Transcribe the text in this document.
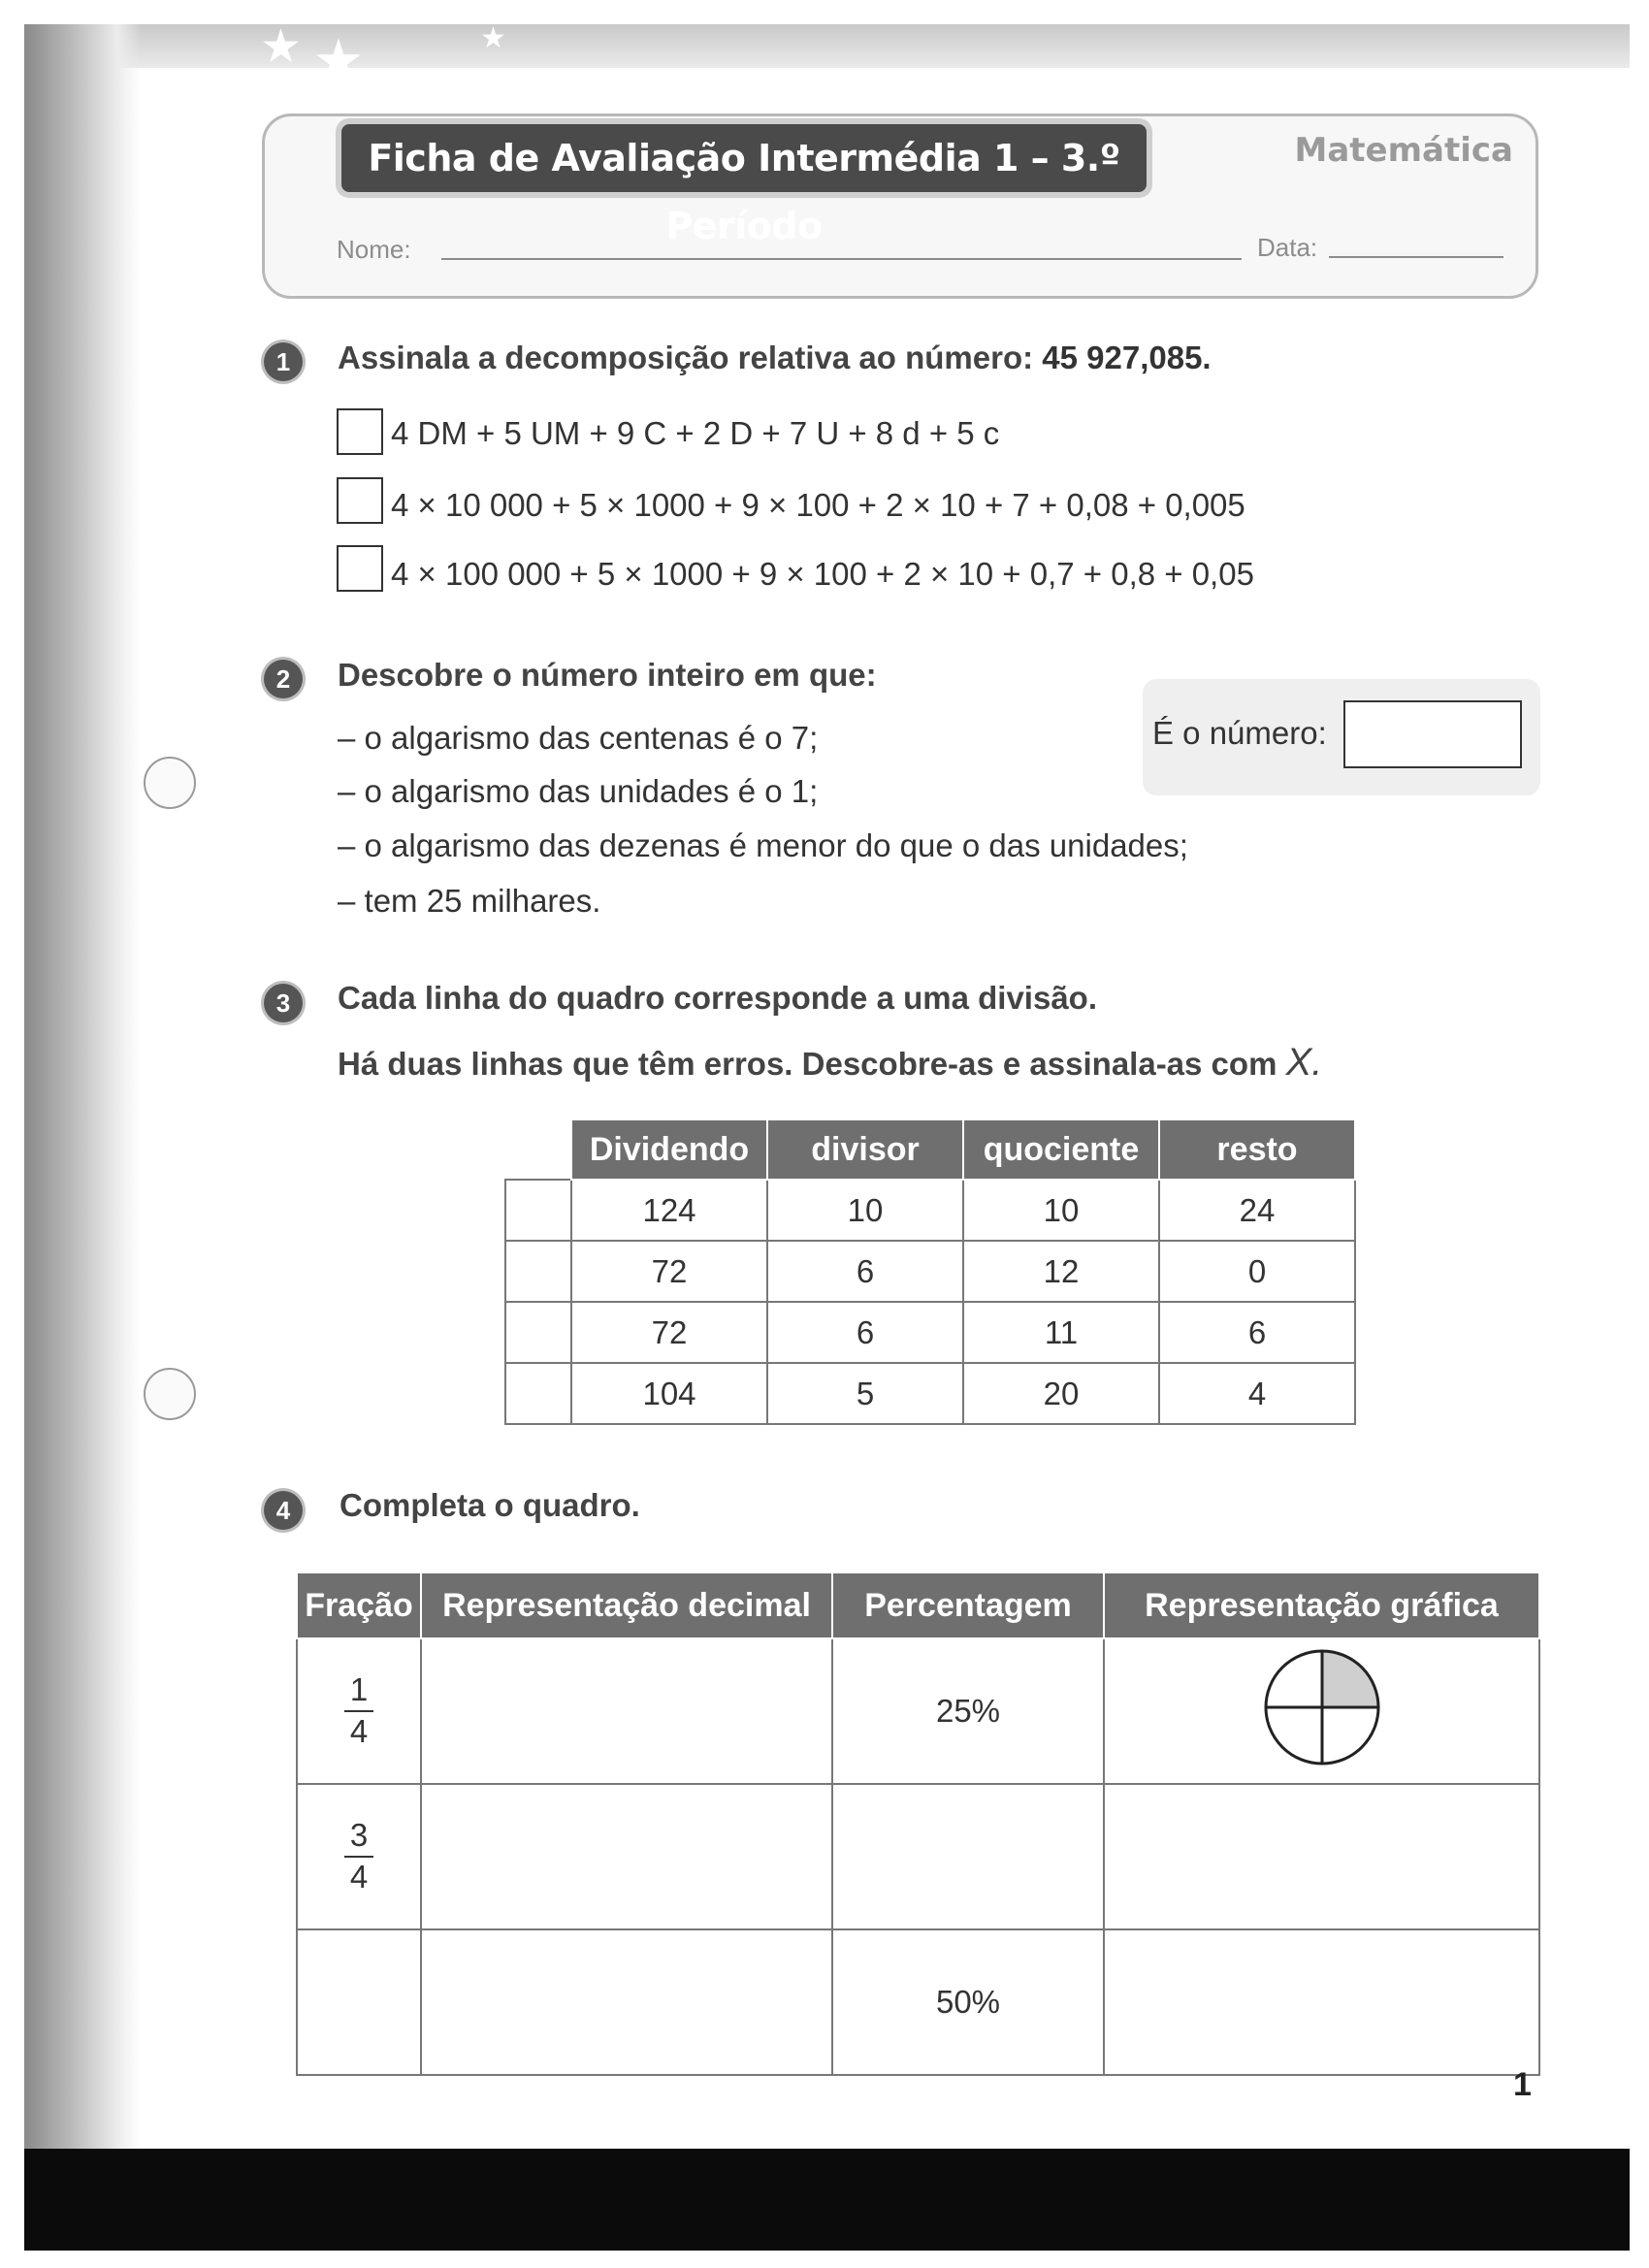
★ ★	★
Ficha de Avaliação Intermédia 1 – 3.º Período
Matemática
Nome:	Data:
1	Assinala a decomposição relativa ao número: 45 927,085.
4 DM + 5 UM + 9 C + 2 D + 7 U + 8 d + 5 c
4 × 10 000 + 5 × 1000 + 9 × 100 + 2 × 10 + 7 + 0,08 + 0,005
4 × 100 000 + 5 × 1000 + 9 × 100 + 2 × 10 + 0,7 + 0,8 + 0,05
2	Descobre o número inteiro em que:
– o algarismo das centenas é o 7;
– o algarismo das unidades é o 1;
– o algarismo das dezenas é menor do que o das unidades;
– tem 25 milhares.
É o número:
3	Cada linha do quadro corresponde a uma divisão.
Há duas linhas que têm erros. Descobre-as e assinala-as com X.
	Dividendo	divisor	quociente	resto
	124	10	10	24
	72	6	12	0
	72	6	11	6
	104	5	20	4
4	Completa o quadro.
Fração	Representação decimal	Percentagem	Representação gráfica

$\frac{1}{4}$		25%	

$\frac{3}{4}$

		50%	
1
